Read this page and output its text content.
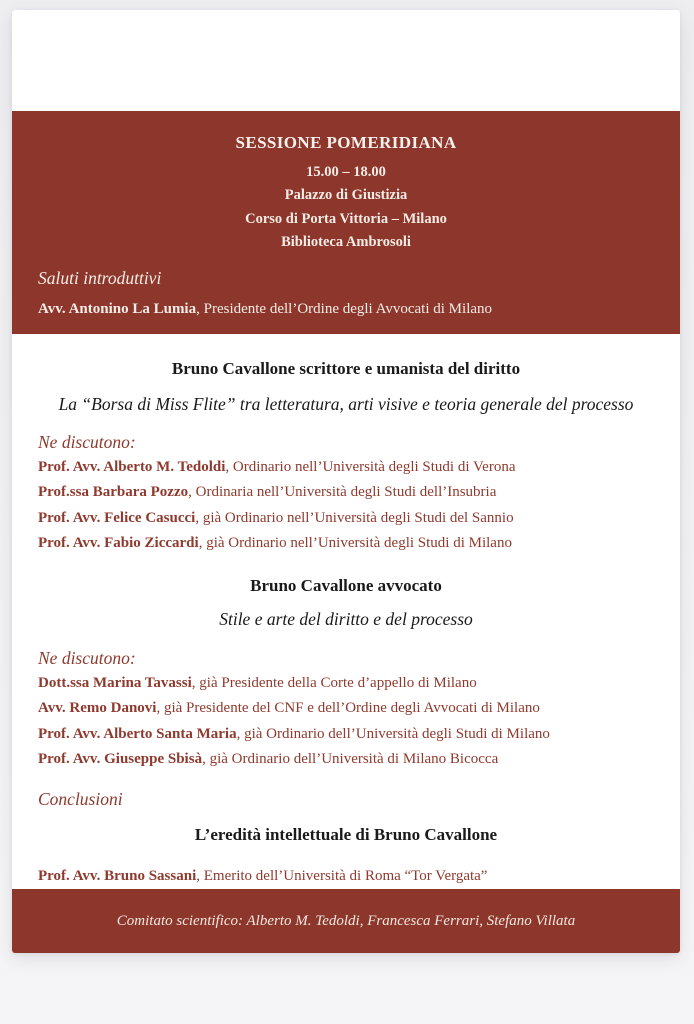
SESSIONE POMERIDIANA
15.00 – 18.00
Palazzo di Giustizia
Corso di Porta Vittoria – Milano
Biblioteca Ambrosoli
Saluti introduttivi
Avv. Antonino La Lumia, Presidente dell’Ordine degli Avvocati di Milano
Bruno Cavallone scrittore e umanista del diritto
La “Borsa di Miss Flite” tra letteratura, arti visive e teoria generale del processo
Ne discutono:
Prof. Avv. Alberto M. Tedoldi, Ordinario nell’Università degli Studi di Verona
Prof.ssa Barbara Pozzo, Ordinaria nell’Università degli Studi dell’Insubria
Prof. Avv. Felice Casucci, già Ordinario nell’Università degli Studi del Sannio
Prof. Avv. Fabio Ziccardi, già Ordinario nell’Università degli Studi di Milano
Bruno Cavallone avvocato
Stile e arte del diritto e del processo
Ne discutono:
Dott.ssa Marina Tavassi, già Presidente della Corte d’appello di Milano
Avv. Remo Danovi, già Presidente del CNF e dell’Ordine degli Avvocati di Milano
Prof. Avv. Alberto Santa Maria, già Ordinario dell’Università degli Studi di Milano
Prof. Avv. Giuseppe Sbisà, già Ordinario dell’Università di Milano Bicocca
Conclusioni
L’eredità intellettuale di Bruno Cavallone
Prof. Avv. Bruno Sassani, Emerito dell’Università di Roma “Tor Vergata”
Comitato scientifico: Alberto M. Tedoldi, Francesca Ferrari, Stefano Villata
